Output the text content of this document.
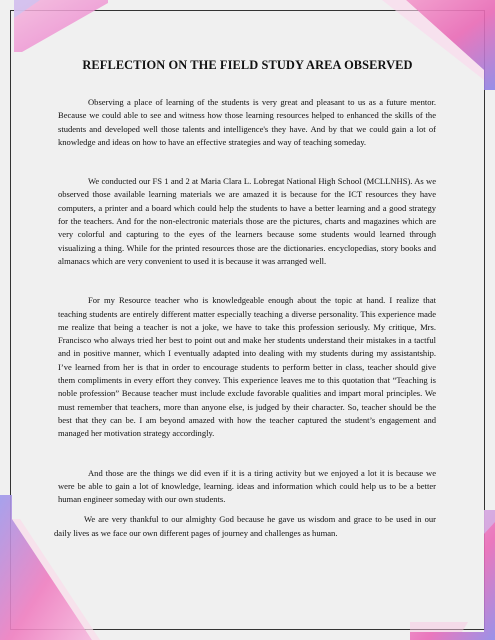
REFLECTION ON THE FIELD STUDY AREA OBSERVED

Observing a place of learning of the students is very great and pleasant to us as a future mentor. Because we could able to see and witness how those learning resources helped to enhanced the skills of the students and developed well those talents and intelligence's they have. And by that we could gain a lot of knowledge and ideas on how to have an effective strategies and way of teaching someday.

We conducted our FS 1 and 2 at Maria Clara L. Lobregat National High School (MCLLNHS). As we observed those available learning materials we are amazed it is because for the ICT resources they have computers, a printer and a board which could help the students to have a better learning and a good strategy for the teachers. And for the non-electronic materials those are the pictures, charts and magazines which are very colorful and capturing to the eyes of the learners because some students would learned through visualizing a thing. While for the printed resources those are the dictionaries. encyclopedias, story books and almanacs which are very convenient to used it is because it was arranged well.

For my Resource teacher who is knowledgeable enough about the topic at hand. I realize that teaching students are entirely different matter especially teaching a diverse personality. This experience made me realize that being a teacher is not a joke, we have to take this profession seriously. My critique, Mrs. Francisco who always tried her best to point out and make her students understand their mistakes in a tactful and in positive manner, which I eventually adapted into dealing with my students during my assistantship. I’ve learned from her is that in order to encourage students to perform better in class, teacher should give them compliments in every effort they convey. This experience leaves me to this quotation that “Teaching is noble profession” Because teacher must include exclude favorable qualities and impart moral principles. We must remember that teachers, more than anyone else, is judged by their character. So, teacher should be the best that they can be. I am beyond amazed with how the teacher captured the student’s engagement and managed her motivation strategy accordingly.

And those are the things we did even if it is a tiring activity but we enjoyed a lot it is because we were be able to gain a lot of knowledge, learning. ideas and information which could help us to be a better human engineer someday with our own students.

We are very thankful to our almighty God because he gave us wisdom and grace to be used in our daily lives as we face our own different pages of journey and challenges as human.
